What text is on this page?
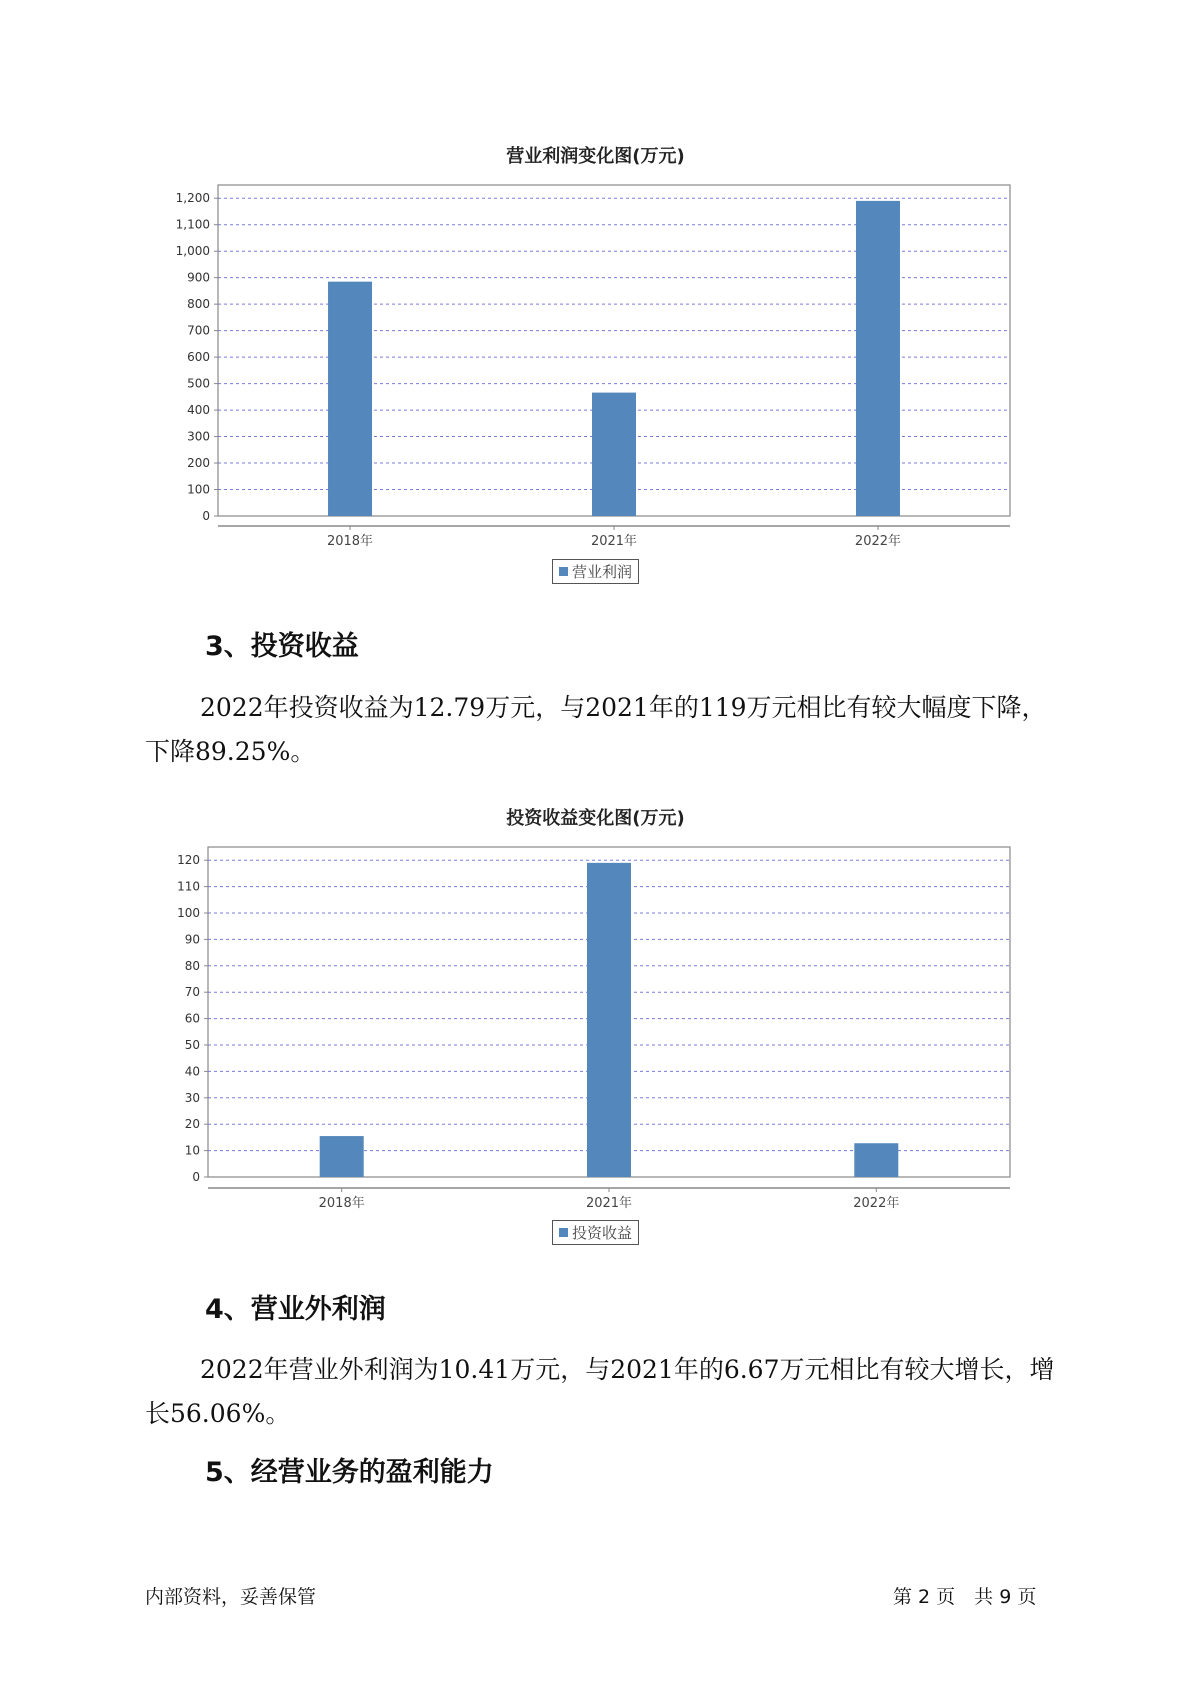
营业利润变化图(万元)
0
100
200
300
400
500
600
700
800
900
1,000
1,100
1,200
2018年	2021年	2022年
营业利润
3、投资收益

2022年投资收益为12.79万元，与2021年的119万元相比有较大幅度下降，下降89.25%。

投资收益变化图(万元)
0
10
20
30
40
50
60
70
80
90
100
110
120
2018年	2021年	2022年
投资收益
4、营业外利润

2022年营业外利润为10.41万元，与2021年的6.67万元相比有较大增长，增长56.06%。

5、经营业务的盈利能力
内部资料，妥善保管	第 2 页　共 9 页
